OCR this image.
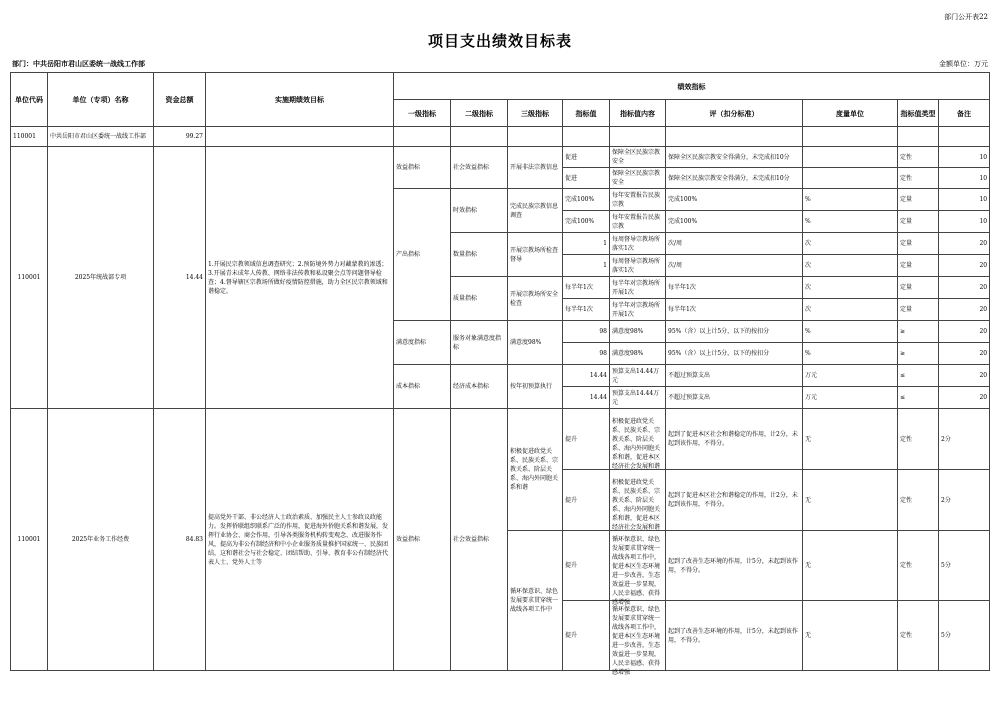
部门公开表22
项目支出绩效目标表
部门：中共岳阳市君山区委统一战线工作部	金额单位：万元
单位代码	单位（专项）名称	资金总额	实施期绩效目标	绩效指标								
				一级指标	二级指标	三级指标	指标值	指标值内容	评（扣分标准）	度量单位	指标值类型	备注
110001	中共岳阳市君山区委统一战线工作部	99.27										
110001	2025年统战部专项	14.44	1.开展民宗教领域信息调查研究；2.预防境外势力对藏蒙教的渗透；3.开展青未成年人传教、网络非法传教和私设聚会点等问题督导检查；4.督导辖区宗教场所做好疫情防控措施，助力全区民宗教领域和谐稳定。	效益指标	社会效益指标	开展非法宗教信息	促进	保障全区民族宗教安全	保障全区民族宗教安全得满分，未完成扣10分		定性	10
							促进	保障全区民族宗教安全	保障全区民族宗教安全得满分，未完成扣10分		定性	10
				产出指标	时效指标	完成民族宗教信息调查	完成100%	每年安置报告民族宗教	完成100%	%	定量	10
							完成100%	每年安置报告民族宗教	完成100%	%	定量	10
					数量指标	开展宗教场所检查督导	1	每周督导宗教场所落实1次	次/周	次	定量	20
							1	每周督导宗教场所落实1次	次/周	次	定量	20
					质量指标	开展宗教场所安全检查	每半年1次	每半年对宗教场所开展1次	每半年1次	次	定量	20
							每半年1次	每半年对宗教场所开展1次	每半年1次	次	定量	20
				满意度指标	服务对象满意度指标	满意度98%	98	满意度98%	95%（含）以上计5分，以下的按扣分	%	≥	20
							98	满意度98%	95%（含）以上计5分，以下的按扣分	%	≥	20
				成本指标	经济成本指标	按年初预算执行	14.44	预算支出14.44万元	不超过预算支出	万元	≤	20
							14.44	预算支出14.44万元	不超过预算支出	万元	≤	20
110001	2025年业务工作经费	84.83	提高党外干部、非公经济人士政治素质、加强民主人士参政议政能力。发挥侨联组织联系广泛的作用，促进海外侨胞关系和谐发展，发挥行业协会、商会作用，引导各类服务机构转变观念、改进服务作风，提高为非公有制经济和中小企业服务质量推护国家统一、民族团结，这和谐社会与社会稳定、团结帮助、引导、教育非公有制经济代表人士、党外人士等	效益指标	社会效益指标	积极促进政党关系、民族关系、宗教关系、阶层关系、海内外同胞关系和谐	提升	积极促进政党关系、民族关系、宗教关系、阶层关系、海内外同胞关系和谐，促进本区经济社会发展和谐	起到了促进本区社会和谐稳定的作用，计2分，未起到该作用，不得分。	无	定性	2分
							提升	积极促进政党关系、民族关系、宗教关系、阶层关系、海内外同胞关系和谐，促进本区经济社会发展和谐	起到了促进本区社会和谐稳定的作用，计2分，未起到该作用，不得分。	无	定性	2分
						循环保意识、绿色发展要求贯穿统一战线各项工作中	提升	循环保意识、绿色发展要求贯穿统一战线各项工作中，促进本区生态环境进一步改善，生态效益进一步显现，人民幸福感、获得感增强	起到了改善生态环境的作用，计5分，未起到该作用，不得分。	无	定性	5分
							提升	循环保意识、绿色发展要求贯穿统一战线各项工作中，促进本区生态环境进一步改善，生态效益进一步显现，人民幸福感、获得感增强	起到了改善生态环境的作用，计5分，未起到该作用，不得分。	无	定性	5分
